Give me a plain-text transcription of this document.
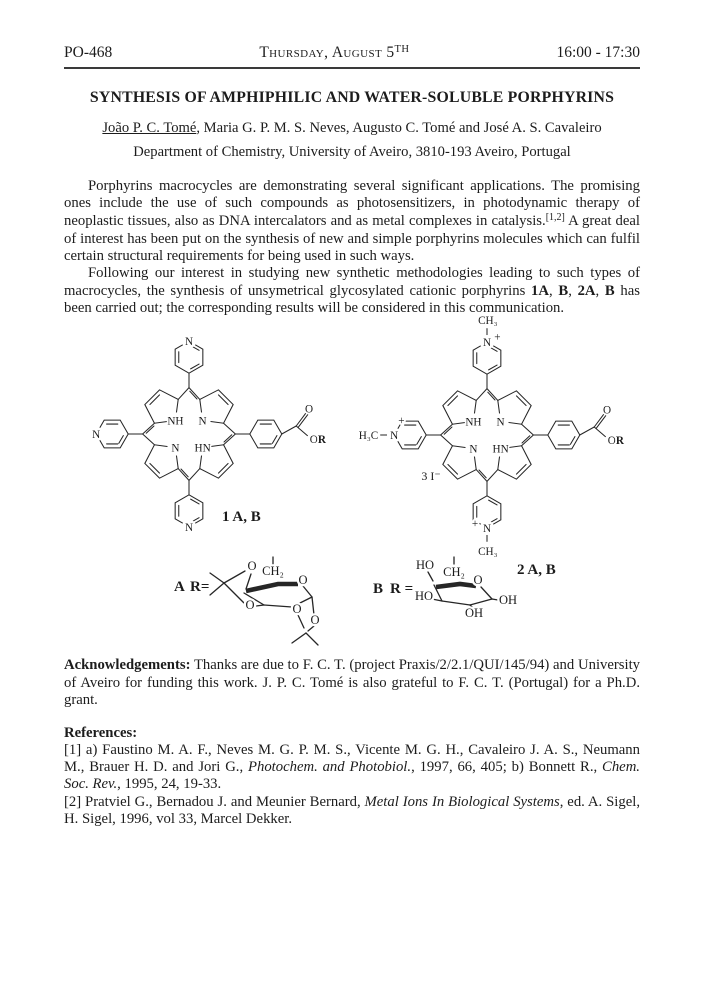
PO-468	Thursday, August 5TH	16:00 - 17:30
SYNTHESIS OF AMPHIPHILIC AND WATER-SOLUBLE PORPHYRINS
João P. C. Tomé, Maria G. P. M. S. Neves, Augusto C. Tomé and José A. S. Cavaleiro
Department of Chemistry, University of Aveiro, 3810-193 Aveiro, Portugal

Porphyrins macrocycles are demonstrating several significant applications. The promising ones include the use of such compounds as photosensitizers, in photodynamic therapy of neoplastic tissues, also as DNA intercalators and as metal complexes in catalysis.[1,2] A great deal of interest has been put on the synthesis of new and simple porphyrins molecules which can fulfil certain structural requirements for being used in such ways.

Following our interest in studying new synthetic methodologies leading to such types of macrocycles, the synthesis of unsymetrical glycosylated cationic porphyrins 1A, B, 2A, B has been carried out; the corresponding results will be considered in this communication.

O
OR
N
HN	N
N
N
1 A, B
N +
CH₃
N
+
H₃C
N
+
CH₃
3 I⁻
2 A, B
A R=
CH₂
O
O
O	O
O
B R =
HO CH₂
O
HO
OH
OH

Acknowledgements: Thanks are due to F. C. T. (project Praxis/2/2.1/QUI/145/94) and University of Aveiro for funding this work. J. P. C. Tomé is also grateful to F. C. T. (Portugal) for a Ph.D. grant.

References:

[1] a) Faustino M. A. F., Neves M. G. P. M. S., Vicente M. G. H., Cavaleiro J. A. S., Neumann M., Brauer H. D. and Jori G., Photochem. and Photobiol., 1997, 66, 405; b) Bonnett R., Chem. Soc. Rev., 1995, 24, 19-33.

[2] Pratviel G., Bernadou J. and Meunier Bernard, Metal Ions In Biological Systems, ed. A. Sigel, H. Sigel, 1996, vol 33, Marcel Dekker.
